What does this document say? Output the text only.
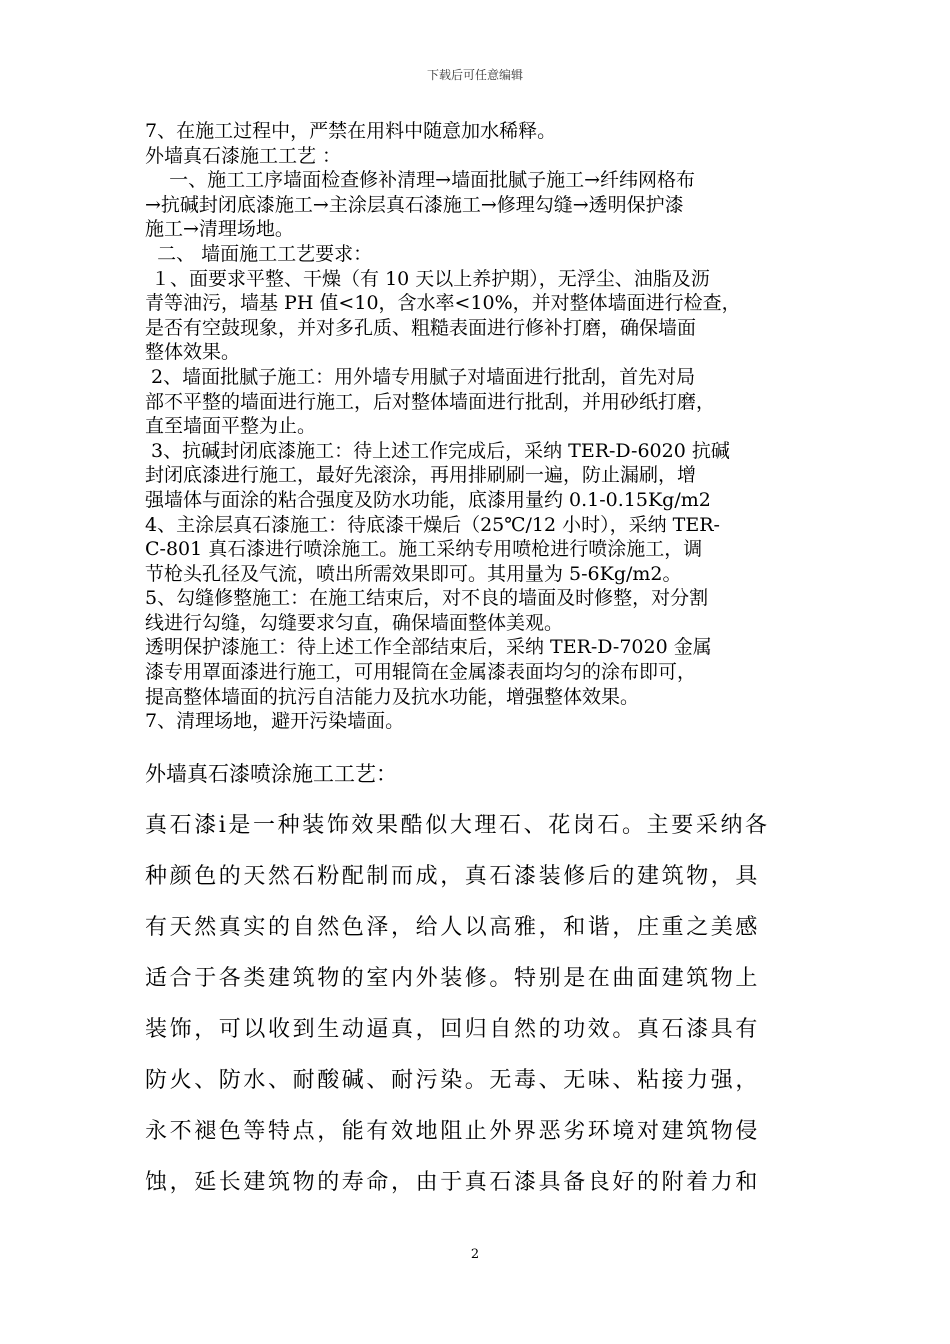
下载后可任意编辑

7、在施工过程中，严禁在用料中随意加水稀释。

外墙真石漆施工工艺 ：

一、施工工序墙面检查修补清理→墙面批腻子施工→纤纬网格布

→抗碱封闭底漆施工→主涂层真石漆施工→修理勾缝→透明保护漆

施工→清理场地。

二、 墙面施工工艺要求：

１、面要求平整、干燥（有 10 天以上养护期），无浮尘、油脂及沥

青等油污，墙基 PH 值<10，含水率<10%，并对整体墙面进行检查，

是否有空鼓现象，并对多孔质、粗糙表面进行修补打磨，确保墙面

整体效果。

2、墙面批腻子施工：用外墙专用腻子对墙面进行批刮，首先对局

部不平整的墙面进行施工，后对整体墙面进行批刮，并用砂纸打磨，

直至墙面平整为止。

3、抗碱封闭底漆施工：待上述工作完成后，采纳 TER-D-6020 抗碱

封闭底漆进行施工，最好先滚涂，再用排刷刷一遍，防止漏刷，增

强墙体与面涂的粘合强度及防水功能，底漆用量约 0.1-0.15Kg/m2

4、主涂层真石漆施工：待底漆干燥后（25℃/12 小时），采纳 TER-

C-801 真石漆进行喷涂施工。施工采纳专用喷枪进行喷涂施工，调

节枪头孔径及气流，喷出所需效果即可。其用量为 5-6Kg/m2。

5、勾缝修整施工：在施工结束后，对不良的墙面及时修整，对分割

线进行勾缝，勾缝要求匀直，确保墙面整体美观。

透明保护漆施工：待上述工作全部结束后，采纳 TER-D-7020 金属

漆专用罩面漆进行施工，可用辊筒在金属漆表面均匀的涂布即可，

提高整体墙面的抗污自洁能力及抗水功能，增强整体效果。

7、清理场地，避开污染墙面。

外墙真石漆喷涂施工工艺：

真石漆ⅰ是一种装饰效果酷似大理石、花岗石。主要采纳各

种颜色的天然石粉配制而成，真石漆装修后的建筑物，具

有天然真实的自然色泽，给人以高雅，和谐，庄重之美感

适合于各类建筑物的室内外装修。特别是在曲面建筑物上

装饰，可以收到生动逼真，回归自然的功效。真石漆具有

防火、防水、耐酸碱、耐污染。无毒、无味、粘接力强，

永不褪色等特点，能有效地阻止外界恶劣环境对建筑物侵

蚀，延长建筑物的寿命，由于真石漆具备良好的附着力和

2
